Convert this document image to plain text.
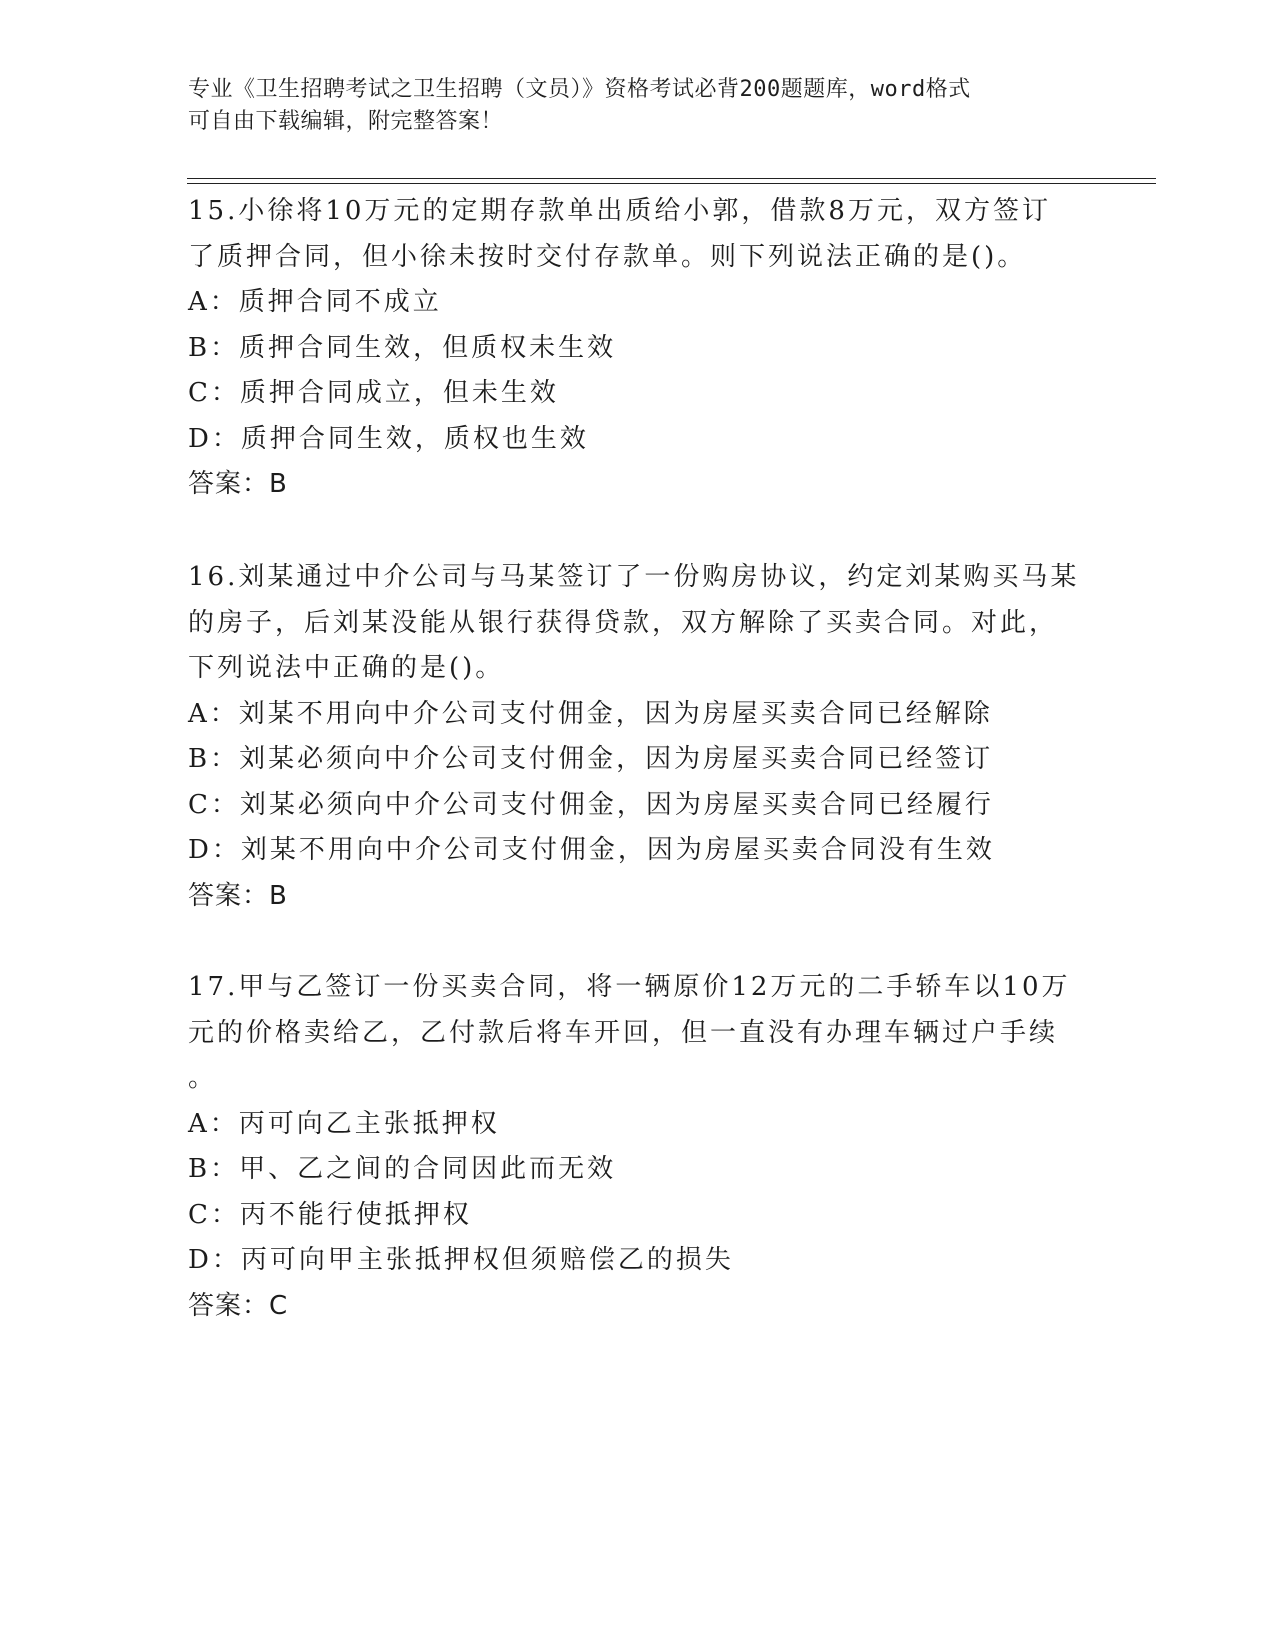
专业《卫生招聘考试之卫生招聘（文员）》资格考试必背200题题库，word格式
可自由下载编辑，附完整答案！
15.小徐将10万元的定期存款单出质给小郭，借款8万元，双方签订
了质押合同，但小徐未按时交付存款单。则下列说法正确的是()。
A：质押合同不成立
B：质押合同生效，但质权未生效
C：质押合同成立，但未生效
D：质押合同生效，质权也生效
答案：B
16.刘某通过中介公司与马某签订了一份购房协议，约定刘某购买马某
的房子，后刘某没能从银行获得贷款，双方解除了买卖合同。对此，
下列说法中正确的是()。
A：刘某不用向中介公司支付佣金，因为房屋买卖合同已经解除
B：刘某必须向中介公司支付佣金，因为房屋买卖合同已经签订
C：刘某必须向中介公司支付佣金，因为房屋买卖合同已经履行
D：刘某不用向中介公司支付佣金，因为房屋买卖合同没有生效
答案：B
17.甲与乙签订一份买卖合同，将一辆原价12万元的二手轿车以10万
元的价格卖给乙，乙付款后将车开回，但一直没有办理车辆过户手续
。
A：丙可向乙主张抵押权
B：甲、乙之间的合同因此而无效
C：丙不能行使抵押权
D：丙可向甲主张抵押权但须赔偿乙的损失
答案：C
